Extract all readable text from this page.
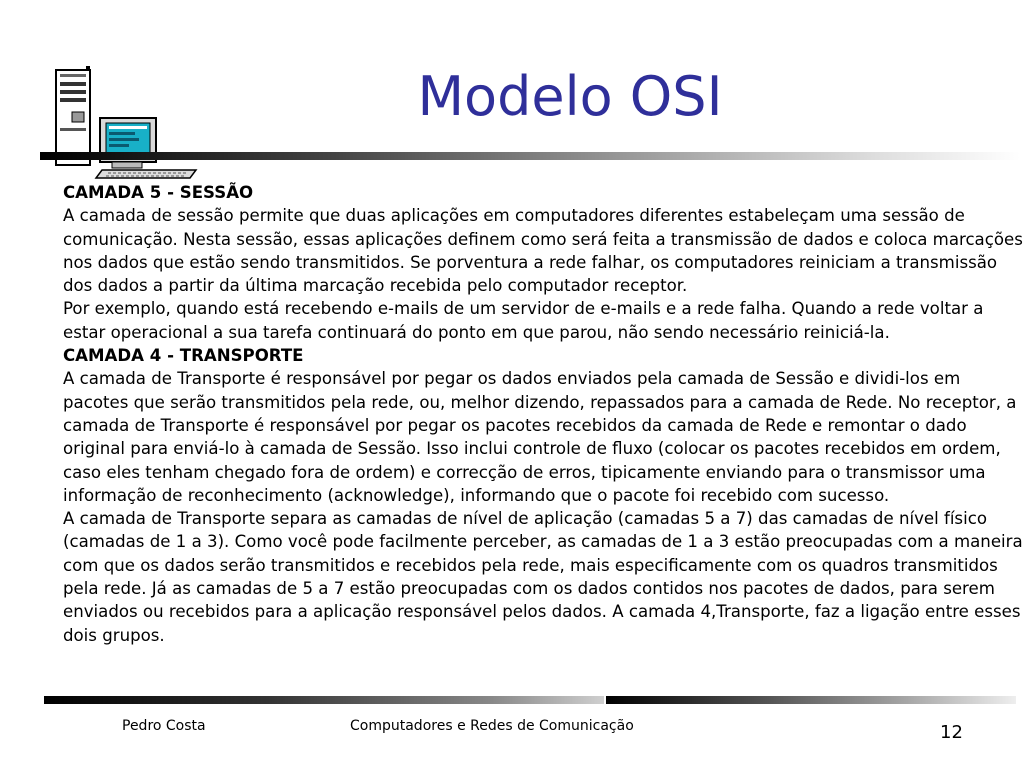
Modelo OSI

CAMADA 5 - SESSÃO

A camada de sessão permite que duas aplicações em computadores diferentes estabeleçam uma sessão de comunicação. Nesta sessão, essas aplicações definem como será feita a transmissão de dados e coloca marcações nos dados que estão sendo transmitidos. Se porventura a rede falhar, os computadores reiniciam a transmissão dos dados a partir da última marcação recebida pelo computador receptor.

Por exemplo, quando está recebendo e-mails de um servidor de e-mails e a rede falha. Quando a rede voltar a estar operacional a sua tarefa continuará do ponto em que parou, não sendo necessário reiniciá-la.

CAMADA 4 - TRANSPORTE

A camada de Transporte é responsável por pegar os dados enviados pela camada de Sessão e dividi-los em pacotes que serão transmitidos pela rede, ou, melhor dizendo, repassados para a camada de Rede. No receptor, a camada de Transporte é responsável por pegar os pacotes recebidos da camada de Rede e remontar o dado original para enviá-lo à camada de Sessão. Isso inclui controle de fluxo (colocar os pacotes recebidos em ordem, caso eles tenham chegado fora de ordem) e correcção de erros, tipicamente enviando para o transmissor uma informação de reconhecimento (acknowledge), informando que o pacote foi recebido com sucesso.

A camada de Transporte separa as camadas de nível de aplicação (camadas 5 a 7) das camadas de nível físico (camadas de 1 a 3). Como você pode facilmente perceber, as camadas de 1 a 3 estão preocupadas com a maneira com que os dados serão transmitidos e recebidos pela rede, mais especificamente com os quadros transmitidos pela rede. Já as camadas de 5 a 7 estão preocupadas com os dados contidos nos pacotes de dados, para serem enviados ou recebidos para a aplicação responsável pelos dados. A camada 4,Transporte, faz a ligação entre esses dois grupos.

Pedro Costa	Computadores e Redes de Comunicação	12
